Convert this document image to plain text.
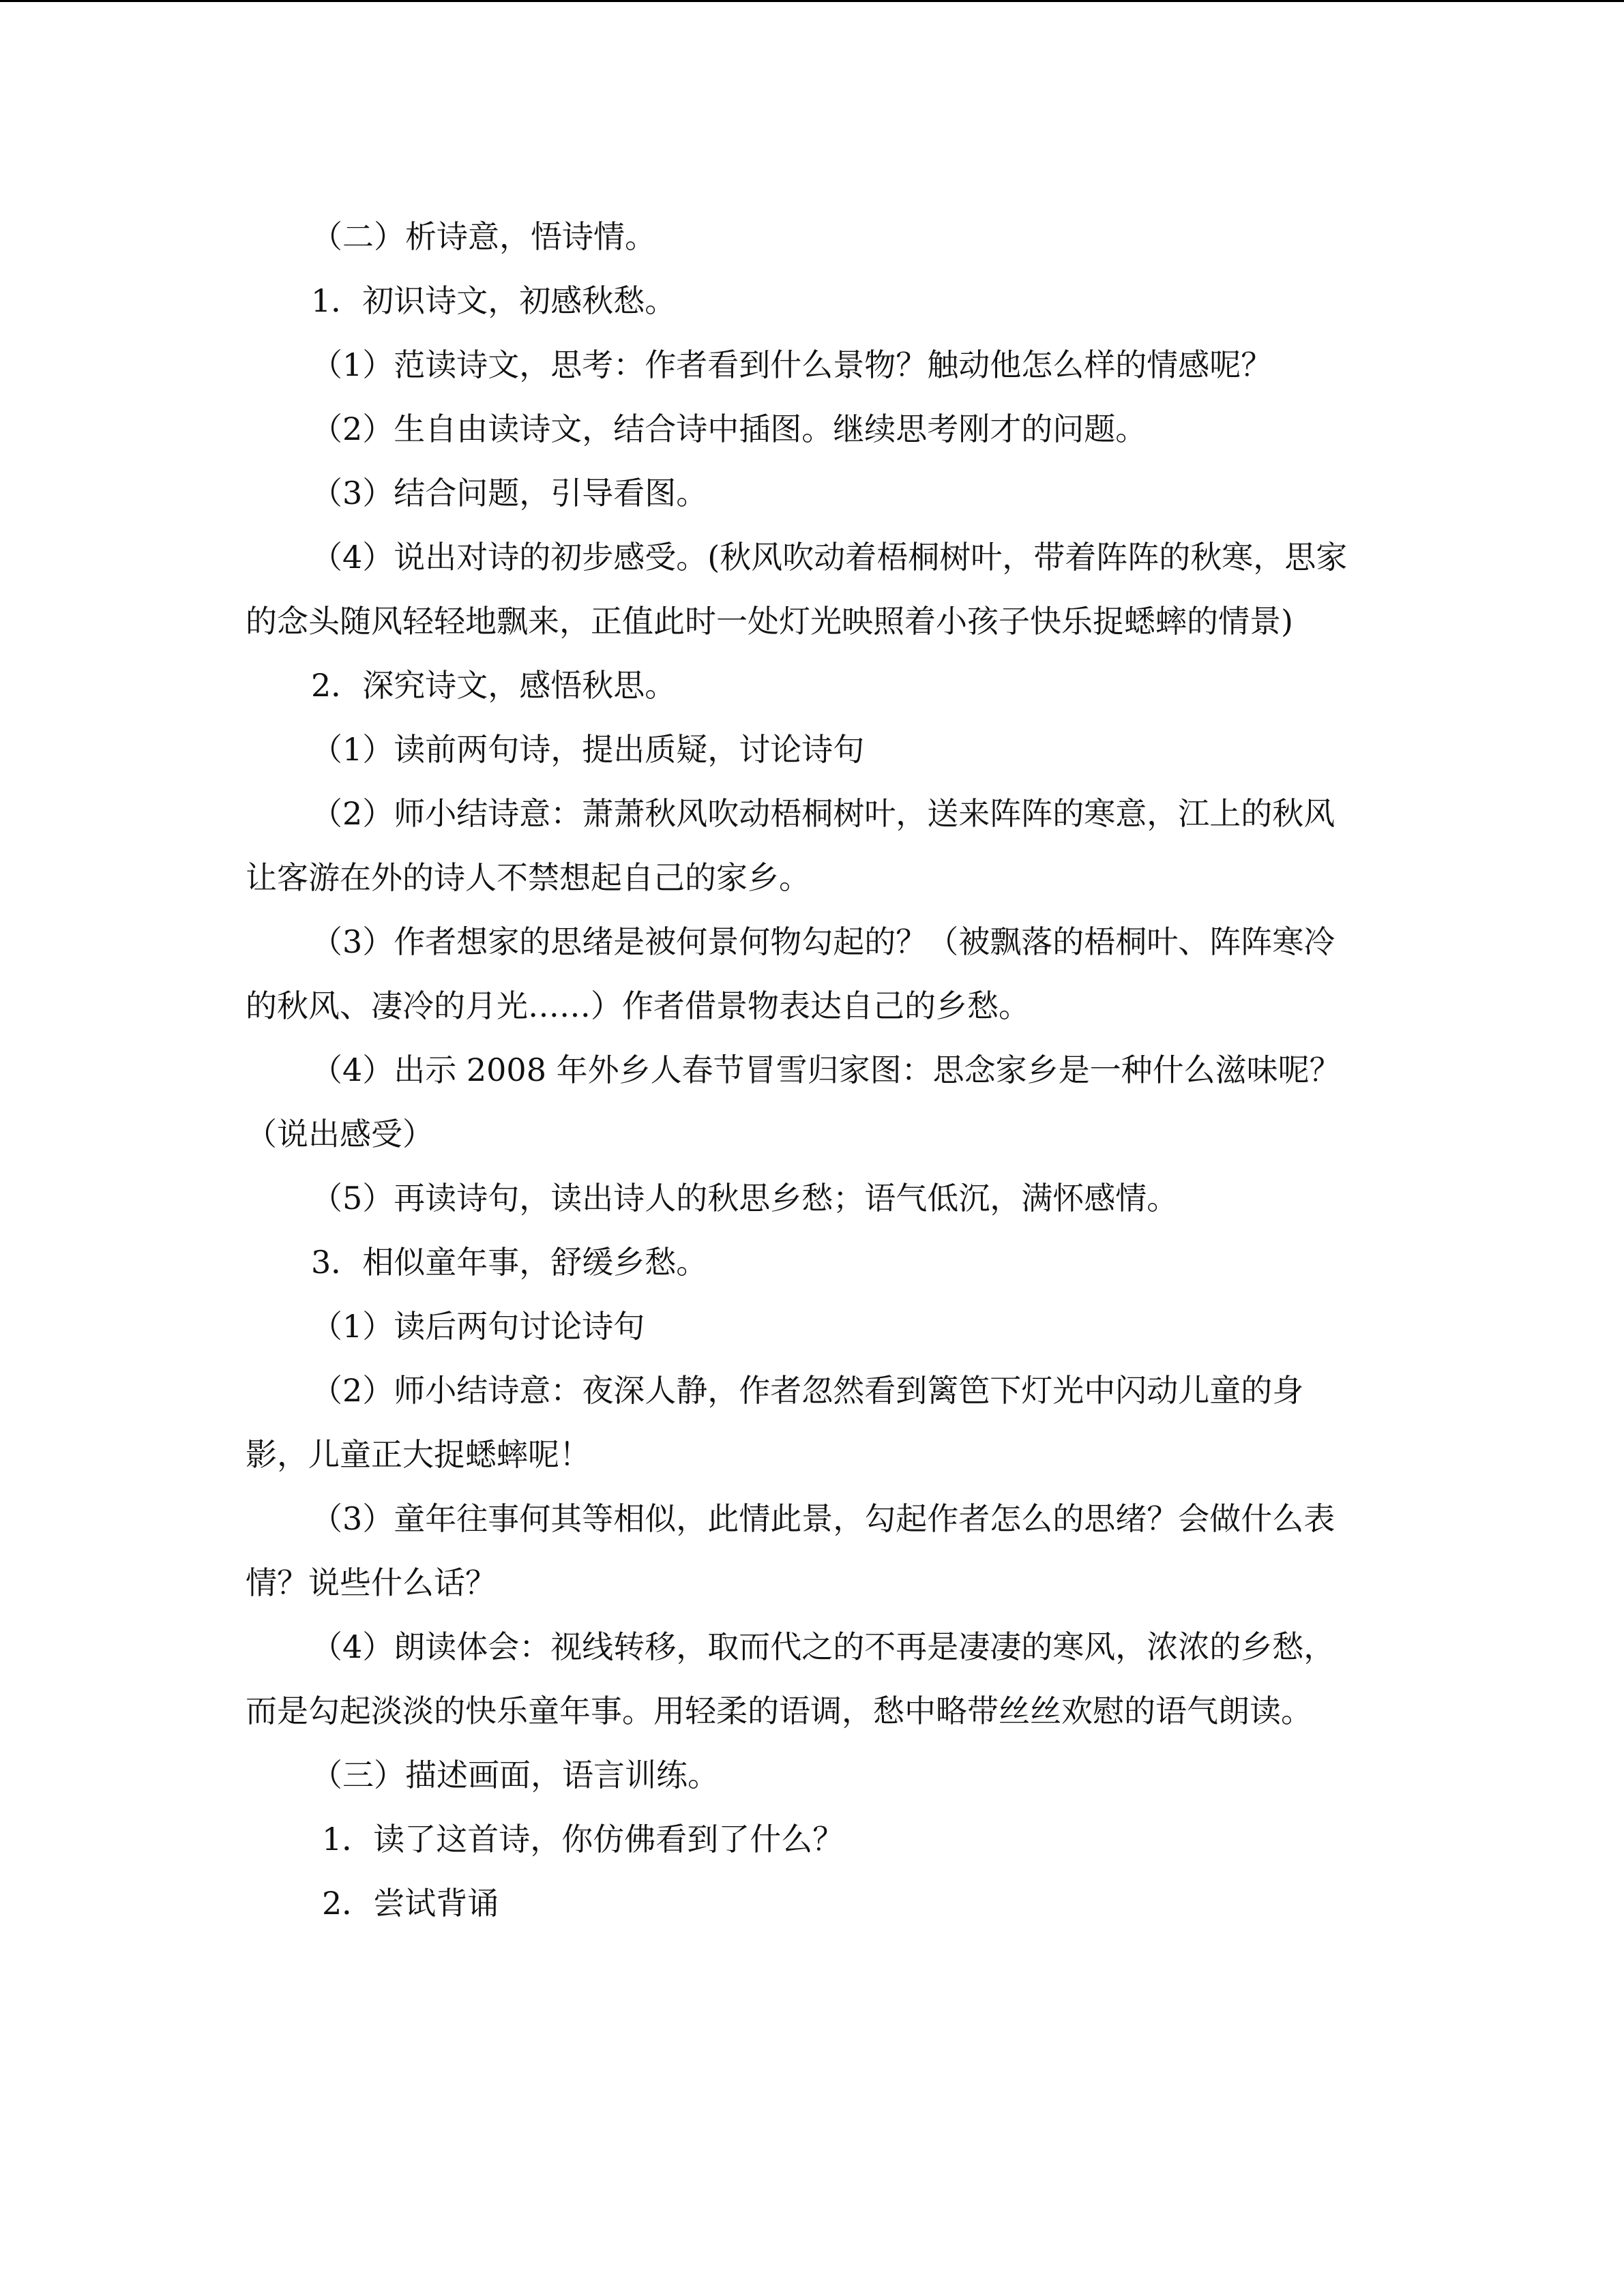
（二）析诗意，悟诗情。

1．初识诗文，初感秋愁。

（1）范读诗文，思考：作者看到什么景物？触动他怎么样的情感呢？

（2）生自由读诗文，结合诗中插图。继续思考刚才的问题。

（3）结合问题，引导看图。

（4）说出对诗的初步感受。(秋风吹动着梧桐树叶，带着阵阵的秋寒，思家的念头随风轻轻地飘来，正值此时一处灯光映照着小孩子快乐捉蟋蟀的情景)

2．深究诗文，感悟秋思。

（1）读前两句诗，提出质疑，讨论诗句

（2）师小结诗意：萧萧秋风吹动梧桐树叶，送来阵阵的寒意，江上的秋风让客游在外的诗人不禁想起自己的家乡。

（3）作者想家的思绪是被何景何物勾起的？（被飘落的梧桐叶、阵阵寒冷的秋风、凄冷的月光……）作者借景物表达自己的乡愁。

（4）出示 2008 年外乡人春节冒雪归家图：思念家乡是一种什么滋味呢？（说出感受）

（5）再读诗句，读出诗人的秋思乡愁；语气低沉，满怀感情。

3．相似童年事，舒缓乡愁。

（1）读后两句讨论诗句

（2）师小结诗意：夜深人静，作者忽然看到篱笆下灯光中闪动儿童的身影，儿童正大捉蟋蟀呢！

（3）童年往事何其等相似，此情此景，勾起作者怎么的思绪？会做什么表情？说些什么话？

（4）朗读体会：视线转移，取而代之的不再是凄凄的寒风，浓浓的乡愁，而是勾起淡淡的快乐童年事。用轻柔的语调，愁中略带丝丝欢慰的语气朗读。

（三）描述画面，语言训练。

1．读了这首诗，你仿佛看到了什么？

2．尝试背诵
